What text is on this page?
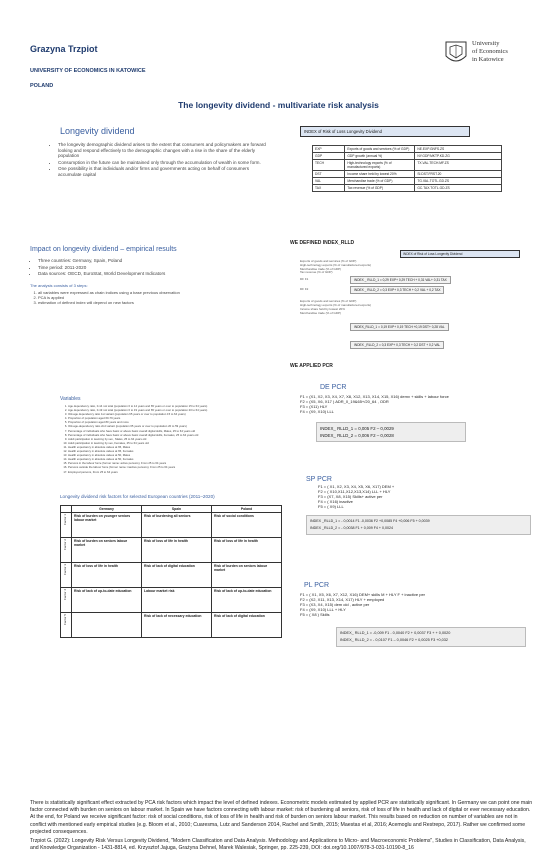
Grazyna Trzpiot
UNIVERSITY OF ECONOMICS IN KATOWICE
POLAND
University
of Economics
in Katowice
The longevity dividend - multivariate risk analysis
Longevity dividend
• The longevity demographic dividend arises to the extent that consumers and policymakers are forward looking and respond effectively to the demographic changes with a rise in the share of the elderly population
• Consumption in the future can be maintained only through the accumulation of wealth in some form.
• One possibility is that individuals and/or firms and governments acting on behalf of consumers accumulate capital
INDEX of Risk of Loss Longevity Dividend
EXP	Exports of goods and services (% of GDP)	NE.EXP.GNFS.ZS
GDP	GDP growth (annual %)	NY.GDP.MKTP.KD.ZG
TECH	High-technology exports (% of manufactured exports)	TX.VAL.TECH.MF.ZS
DST	Income share held by lowest 20%	SI.DST.FRST.20
VAL	Merchandise trade (% of GDP)	TG.VAL.TOTL.GD.ZS
TAX	Tax revenue (% of GDP)	GC.TAX.TOTL.GD.ZS
Impact on longevity dividend – empirical results
• Three countries: Germany, Spain, Poland
• Time period: 2011-2020
• Data sources: OECD, EuroStat, World Development Indicators
The analysis consists of 3 steps:
1. all variables were expressed as chain indices using a base previous observation
2. PCA is applied
3. estimation of defined index will depend on new factors
WE DEFINED INDEX_RLLD
INDEX of Risk of Loss Longevity Dividend
Exports of goods and services (% of GDP)
High-technology exports (% of manufactured exports)
Merchandise trade (% of GDP)
Tax revenue (% of GDP)
DF F1	INDEX _ RLLD_1 = 0,29 EXP+ 0,29 TECH + 0,31 VAL+ 0,31 TAX
DF F2	INDEX _ RLLD_2 = 0,3 EXP+ 0,3 TECH + 0,2 VAL + 0,2 TAX
Exports of goods and services (% of GDP)
High-technology exports (% of manufactured exports)
Income share held by lowest 20%
Merchandise trade (% of GDP)
INDEX_RLLD_1 = 0,19 EXP+ 0,19 TECH +0,19 DST+ 0,28 VAL INDEX _RLLD_2 = 0,3 EXP+ 0,3 TECH + 0,2 DST + 0,2 VAL
WE APPLIED PCR
Variables
1. Age dependency ratio, 0-14 not total (population 0 to 14 years and 65 years or over to population 15 to 64 years)
2. Age dependency ratio, 0-19 not total (population 0 to 19 years and 65 years or over to population 20 to 64 years)
3. Old-age dependency ratio 1st variant (population 65 years or over to population 15 to 64 years)
4. Proportion of population aged 60-79 years
5. Proportion of population aged 80 years and more
6. Old-age-dependency ratio 2nd variant (population 65 years or over to population 20 to 59 years)
7. Percentage of individuals who have basic or above basic overall digital skills, Males, 25 to 64 years old
8. Percentage of individuals who have basic or above basic overall digital skills, Females, 25 to 64 years old
9. Adult participation in learning by sex , Males, 25 to 64 years old
10. Adult participation in learning by sex, Females, 25 to 64 years old
11. Health expectancy in absolute values at 65, Males
12. Health expectancy in absolute values at 65, Females
13. Health expectancy in absolute values at 50, Males
14. Health expectancy in absolute values at 50, Females
15. Persons in the labour force (former name: active persons), From 25 to 64 years
16. Persons outside the labour force (former name: inactive persons), From 25 to 64 years
17. Employed persons, From 25 to 64 years
Longevity dividend risk factors for selected European countries (2011–2020)
	Germany	Spain	Poland

Factor 1	Risk of burden on younger seniors labour market	Risk of burdening all seniors	Risk of social conditions

Factor 2	Risk of burden on seniors labour market	Risk of loss of life in health	Risk of loss of life in health

Factor 3	Risk of loss of life in health	Risk of lack of digital education	Risk of burden on seniors labour market

Factor 4	Risk of lack of up-to-date education	Labour market risk	Risk of lack of up-to-date education

Factor 5		Risk of lack of necessary education	Risk of lack of digital education
DE PCR
F1 = (X1, X2, X3, X4, X7, X8, X12, X13, X14, X15, X16) demv + skills + labour force
F2 = (X5, X6, X17 ) ADR_0_19&65+/20_64 , ODR
F3 = (X11) HLY
F4 = (X9, X10) LLL
INDEX_ RLLD_1 = 0,005 F2 – 0,0029
INDEX_ RLLD_2 = 0,006 F2 – 0,0028
SP PCR
F1 = ( X1, X2, X3, X4, X5, X6, X17) DEM +
F2 = ( X10,X11,X12,X13,X14) LLL + HLY
F3 = (X7, X8, X15) Skills+ active per
F4 = ( X16) inactive
F5 = ( X9) LLL
INDEX _RLLD_1 = - 0,0014 F1 -0,0036 F2 +0,0085 F4 +0,006 F5 + 0,0039
INDEX _RLLD_2 = - 0,0038 F1 + 0,009 F4 + 0,0024
PL PCR
F1 = ( X1, X5, X6, X7, X12, X16) DEM+ skills M + HLY F + inactive per
F2 = (X2, X11, X13, X14, X17) HLY + employed
F3 = (X3, X4, X15) dem old , active per
F4 = (X9, X10) LLL + HLY
F5 = ( X8 ) Skills
INDEX_ RLLD_1 = -0,009 F1 - 0,0040 F2 + 0,0037 F3 + + 0,0020
INDEX_ RLLD_2 = - 0,0107 F1 – 0,0046 F2 + 0,0025 F3 +0,032
There is statistically significant effect extracted by PCA risk factors which impact the level of defined indexes. Econometric models estimated by applied PCR are statistically significant. In Germany we can point one main factor connected with burden on seniors on labour market. In Spain we have factors connecting with labour market: risk of burdening all seniors, risk of loss of life in health and lack of digital or ever necessary education. At the end, for Poland we receive significant factor: risk of social conditions, risk of loss of life in health and risk of burden on seniors labour market. This results based on reduction on number of variables are not in conflict with mentioned early empirical studies (e.g. Bloom et al., 2010; Cuaresma, Lutz and Sanderson 2014, Rachel and Smith, 2015; Maestas et al, 2016; Acemoglu and Restrepo, 2017). Rather we confirmed some projected consequences.
Trzpiot G. (2022): Longevity Risk Versus Longevity Dividend, "Modern Classification and Data Analysis. Methodology and Applications to Micro- and Macroeconomic Problems", Studies in Classification, Data Analysis, and Knowledge Organization - 1431-8814, ed. Krzysztof Jajuga, Grażyna Dehnel, Marek Walesiak, Springer, pp. 225-239, DOI: doi.org/10.1007/978-3-031-10190-8_16
